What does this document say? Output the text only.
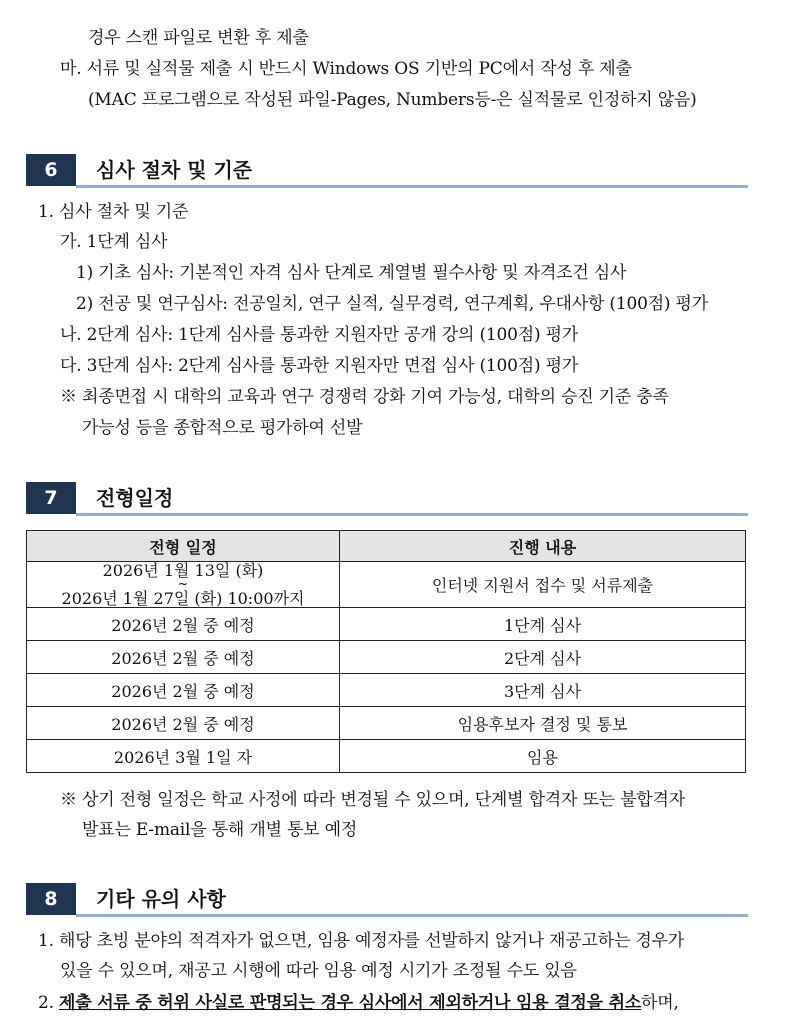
경우 스캔 파일로 변환 후 제출
마. 서류 및 실적물 제출 시 반드시 Windows OS 기반의 PC에서 작성 후 제출
(MAC 프로그램으로 작성된 파일-Pages, Numbers등-은 실적물로 인정하지 않음)
6	심사 절차 및 기준
1. 심사 절차 및 기준
가. 1단계 심사
1) 기초 심사: 기본적인 자격 심사 단계로 계열별 필수사항 및 자격조건 심사
2) 전공 및 연구심사: 전공일치, 연구 실적, 실무경력, 연구계획, 우대사항 (100점) 평가
나. 2단계 심사: 1단계 심사를 통과한 지원자만 공개 강의 (100점) 평가
다. 3단계 심사: 2단계 심사를 통과한 지원자만 면접 심사 (100점) 평가
※ 최종면접 시 대학의 교육과 연구 경쟁력 강화 기여 가능성, 대학의 승진 기준 충족
가능성 등을 종합적으로 평가하여 선발
7	전형일정
전형 일정	진행 내용

2026년 1월 13일 (화)
~
2026년 1월 27일 (화) 10:00까지	인터넷 지원서 접수 및 서류제출
2026년 2월 중 예정	1단계 심사
2026년 2월 중 예정	2단계 심사
2026년 2월 중 예정	3단계 심사
2026년 2월 중 예정	임용후보자 결정 및 통보
2026년 3월 1일 자	임용
※ 상기 전형 일정은 학교 사정에 따라 변경될 수 있으며, 단계별 합격자 또는 불합격자
발표는 E-mail을 통해 개별 통보 예정
8	기타 유의 사항
1. 해당 초빙 분야의 적격자가 없으면, 임용 예정자를 선발하지 않거나 재공고하는 경우가
있을 수 있으며, 재공고 시행에 따라 임용 예정 시기가 조정될 수도 있음
2. 제출 서류 중 허위 사실로 판명되는 경우 심사에서 제외하거나 임용 결정을 취소하며,
